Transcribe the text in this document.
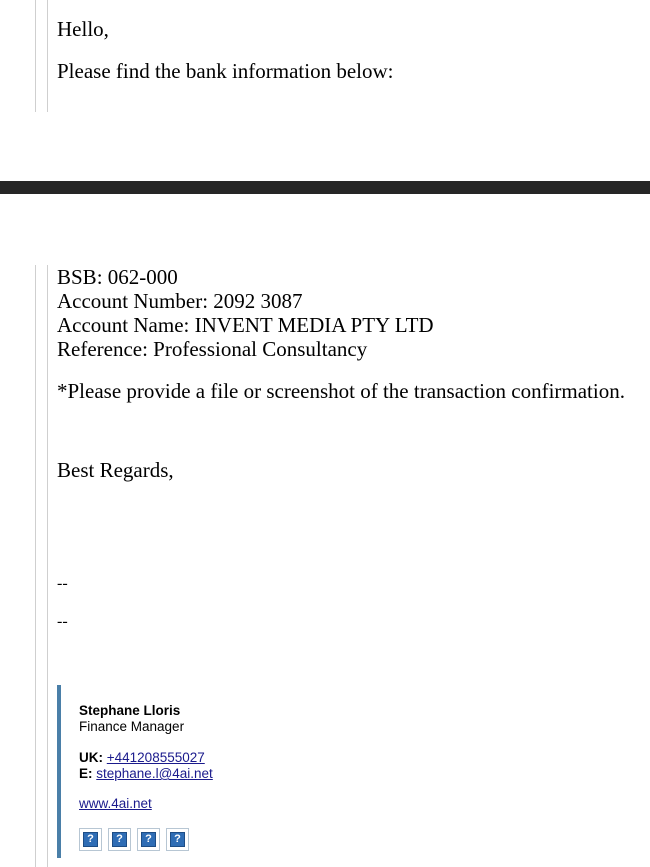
Hello,

Please find the bank information below:

BSB: 062-000

Account Number: 2092 3087

Account Name: INVENT MEDIA PTY LTD

Reference: Professional Consultancy

*Please provide a file or screenshot of the transaction confirmation.

Best Regards,

--
--
Stephane Lloris
Finance Manager
UK: +441208555027
E: stephane.l@4ai.net
www.4ai.net
?	?	?	?
